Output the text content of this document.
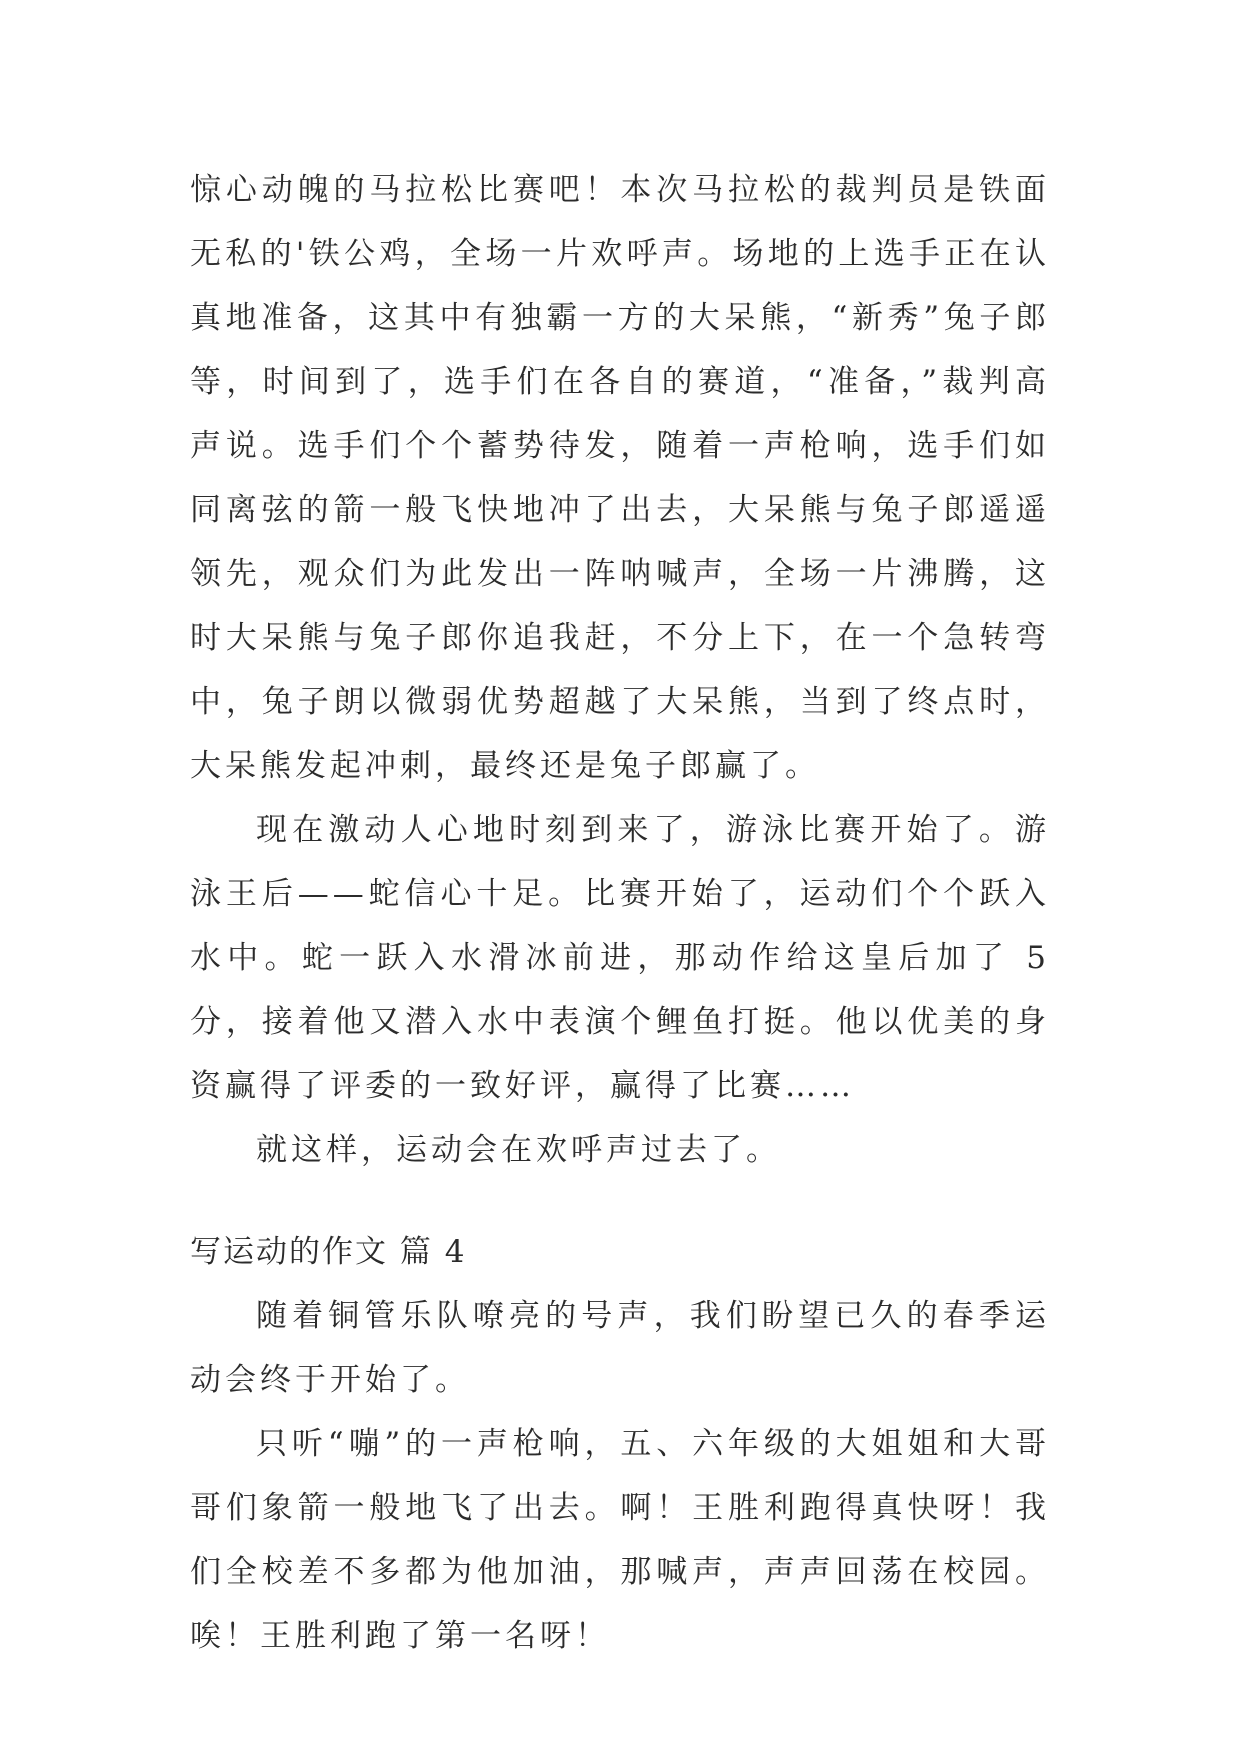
惊心动魄的马拉松比赛吧！本次马拉松的裁判员是铁面无私的'铁公鸡，全场一片欢呼声。场地的上选手正在认真地准备，这其中有独霸一方的大呆熊，“新秀”兔子郎等，时间到了，选手们在各自的赛道，“准备，”裁判高声说。选手们个个蓄势待发，随着一声枪响，选手们如同离弦的箭一般飞快地冲了出去，大呆熊与兔子郎遥遥领先，观众们为此发出一阵呐喊声，全场一片沸腾，这时大呆熊与兔子郎你追我赶，不分上下，在一个急转弯中，兔子朗以微弱优势超越了大呆熊，当到了终点时，大呆熊发起冲刺，最终还是兔子郎赢了。

现在激动人心地时刻到来了，游泳比赛开始了。游泳王后——蛇信心十足。比赛开始了，运动们个个跃入水中。蛇一跃入水滑冰前进，那动作给这皇后加了 5 分，接着他又潜入水中表演个鲤鱼打挺。他以优美的身资赢得了评委的一致好评，赢得了比赛……

就这样，运动会在欢呼声过去了。

写运动的作文 篇 4

随着铜管乐队嘹亮的号声，我们盼望已久的春季运动会终于开始了。

只听“嘣”的一声枪响，五、六年级的大姐姐和大哥哥们象箭一般地飞了出去。啊！王胜利跑得真快呀！我们全校差不多都为他加油，那喊声，声声回荡在校园。唉！王胜利跑了第一名呀！
